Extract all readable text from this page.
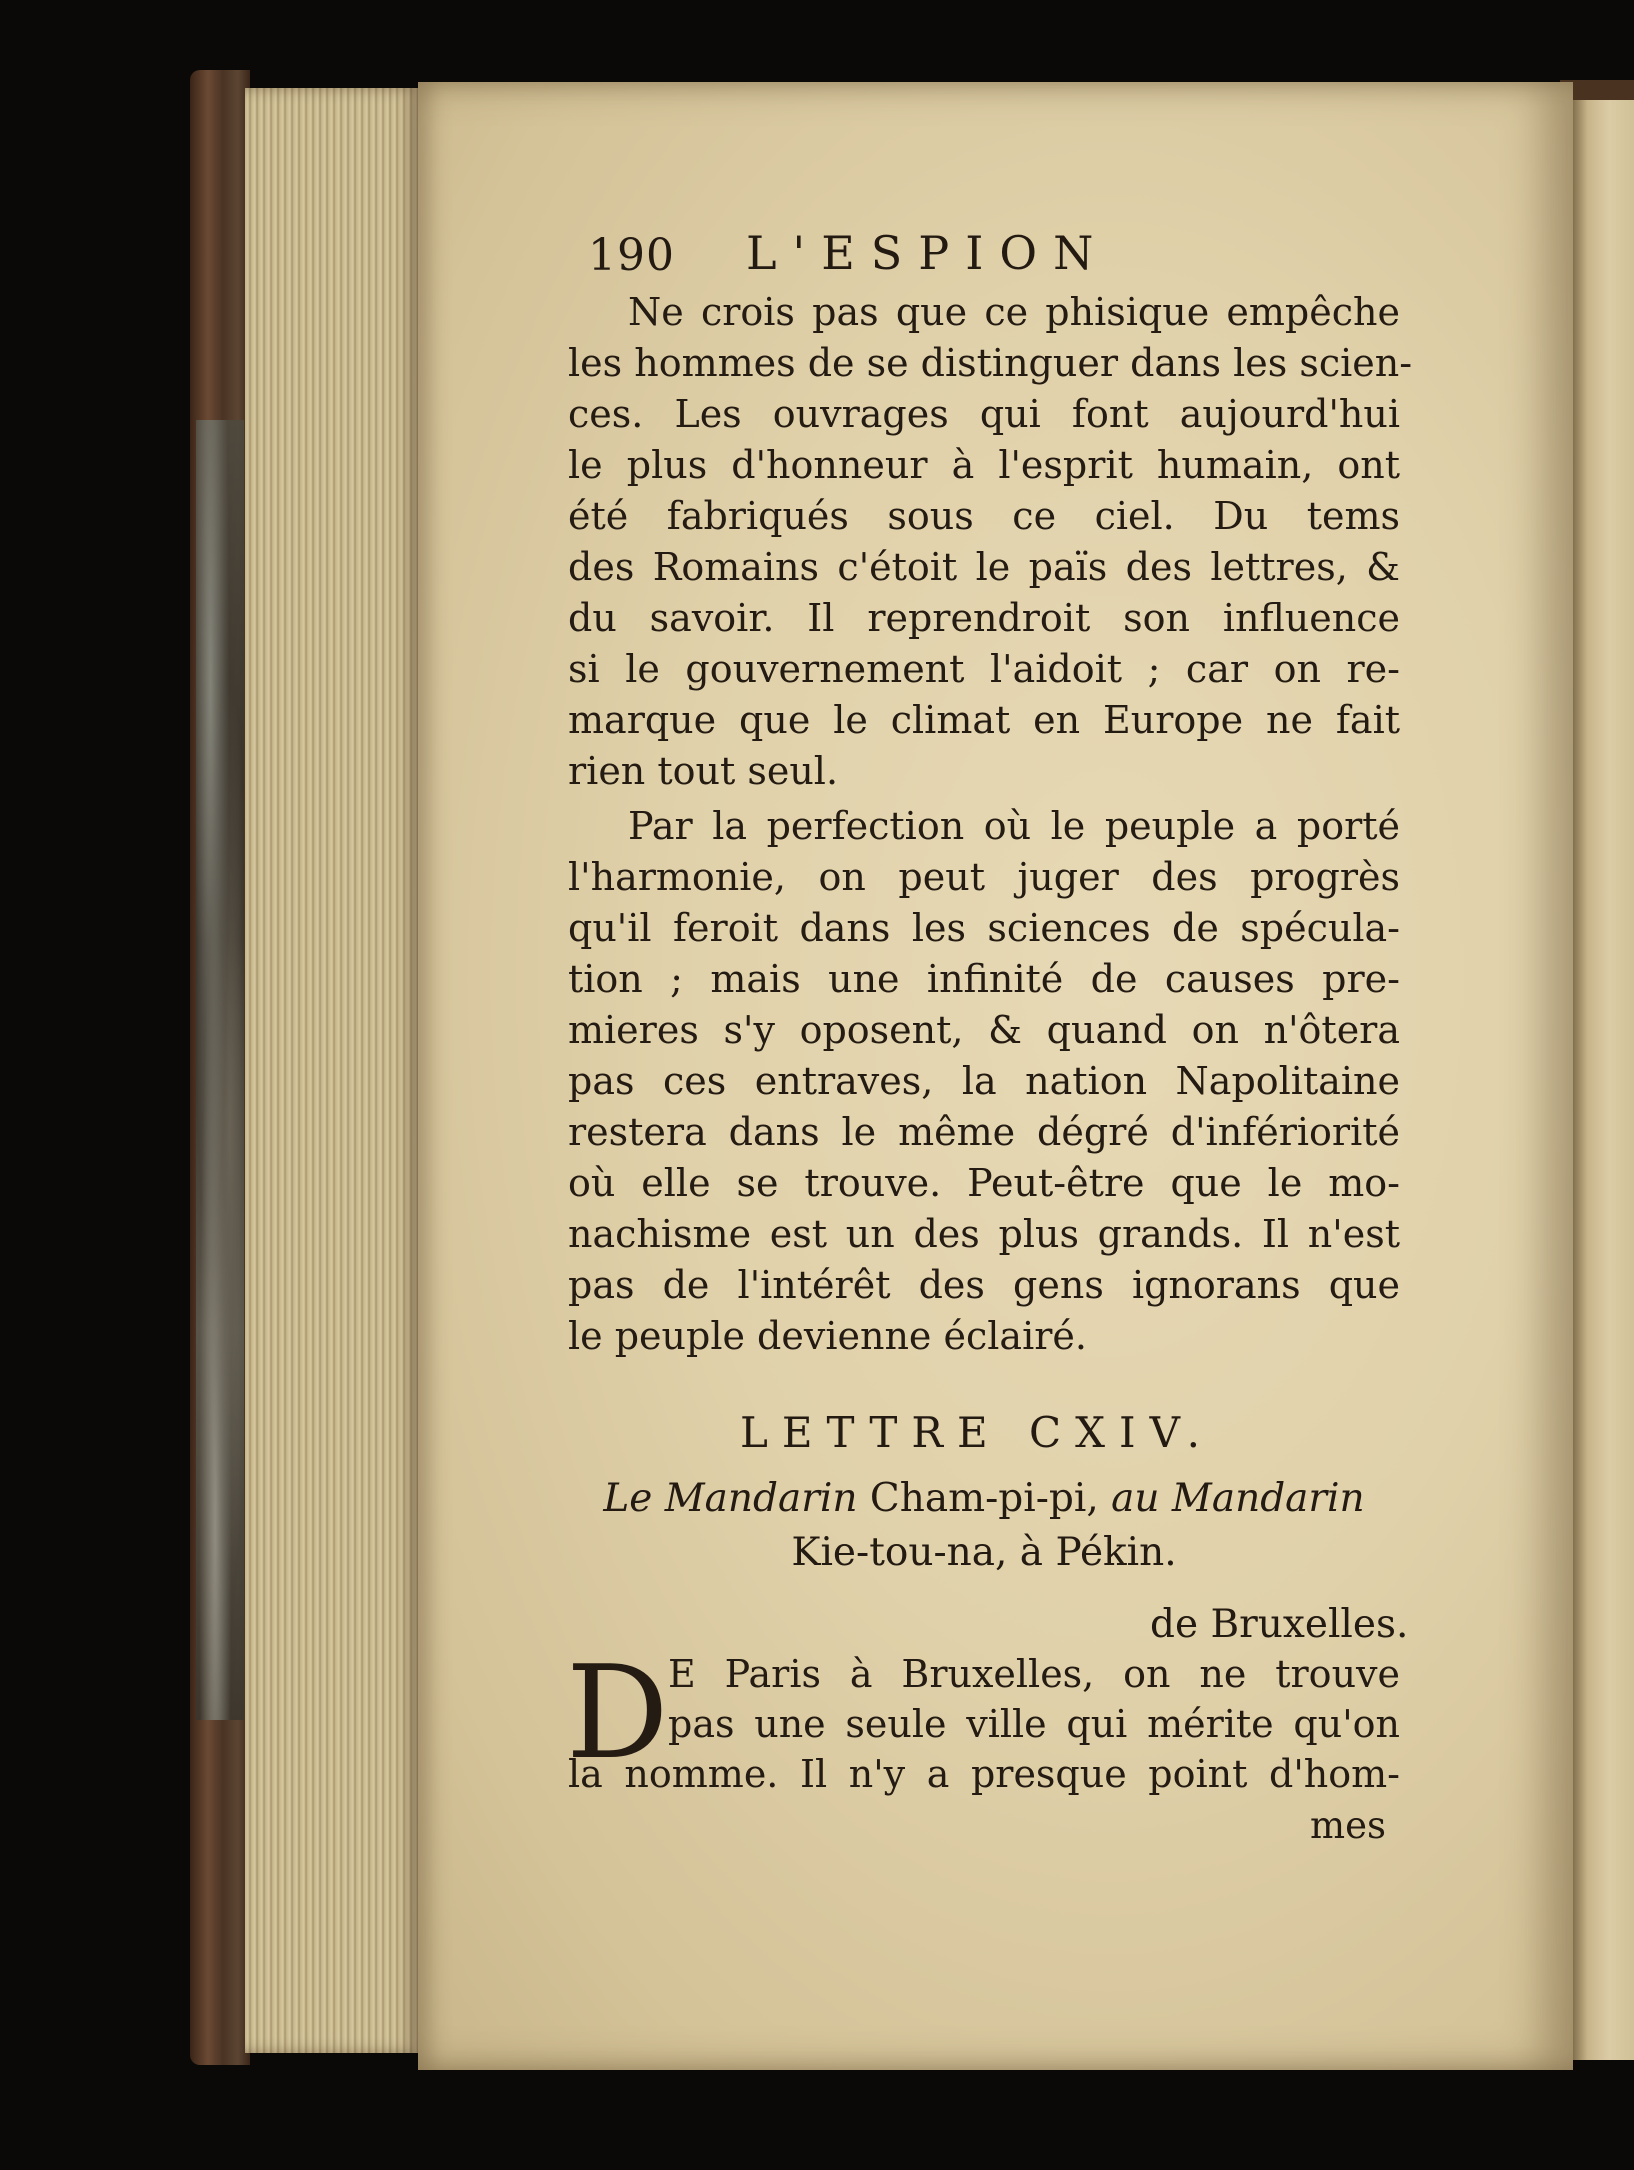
190 L'ESPION
Ne crois pas que ce phisique empêche
les hommes de se distinguer dans les scien-
ces. Les ouvrages qui font aujourd'hui
le plus d'honneur à l'esprit humain, ont
été fabriqués sous ce ciel. Du tems
des Romains c'étoit le païs des lettres, &
du savoir. Il reprendroit son influence
si le gouvernement l'aidoit ; car on re-
marque que le climat en Europe ne fait
rien tout seul.
Par la perfection où le peuple a porté
l'harmonie, on peut juger des progrès
qu'il feroit dans les sciences de spécula-
tion ; mais une infinité de causes pre-
mieres s'y oposent, & quand on n'ôtera
pas ces entraves, la nation Napolitaine
restera dans le même dégré d'infériorité
où elle se trouve. Peut-être que le mo-
nachisme est un des plus grands. Il n'est
pas de l'intérêt des gens ignorans que
le peuple devienne éclairé.
LETTRE CXIV.
Le Mandarin Cham-pi-pi, au Mandarin
Kie-tou-na, à Pékin.
de Bruxelles.
D E Paris à Bruxelles, on ne trouve
pas une seule ville qui mérite qu'on
la nomme. Il n'y a presque point d'hom-
mes
